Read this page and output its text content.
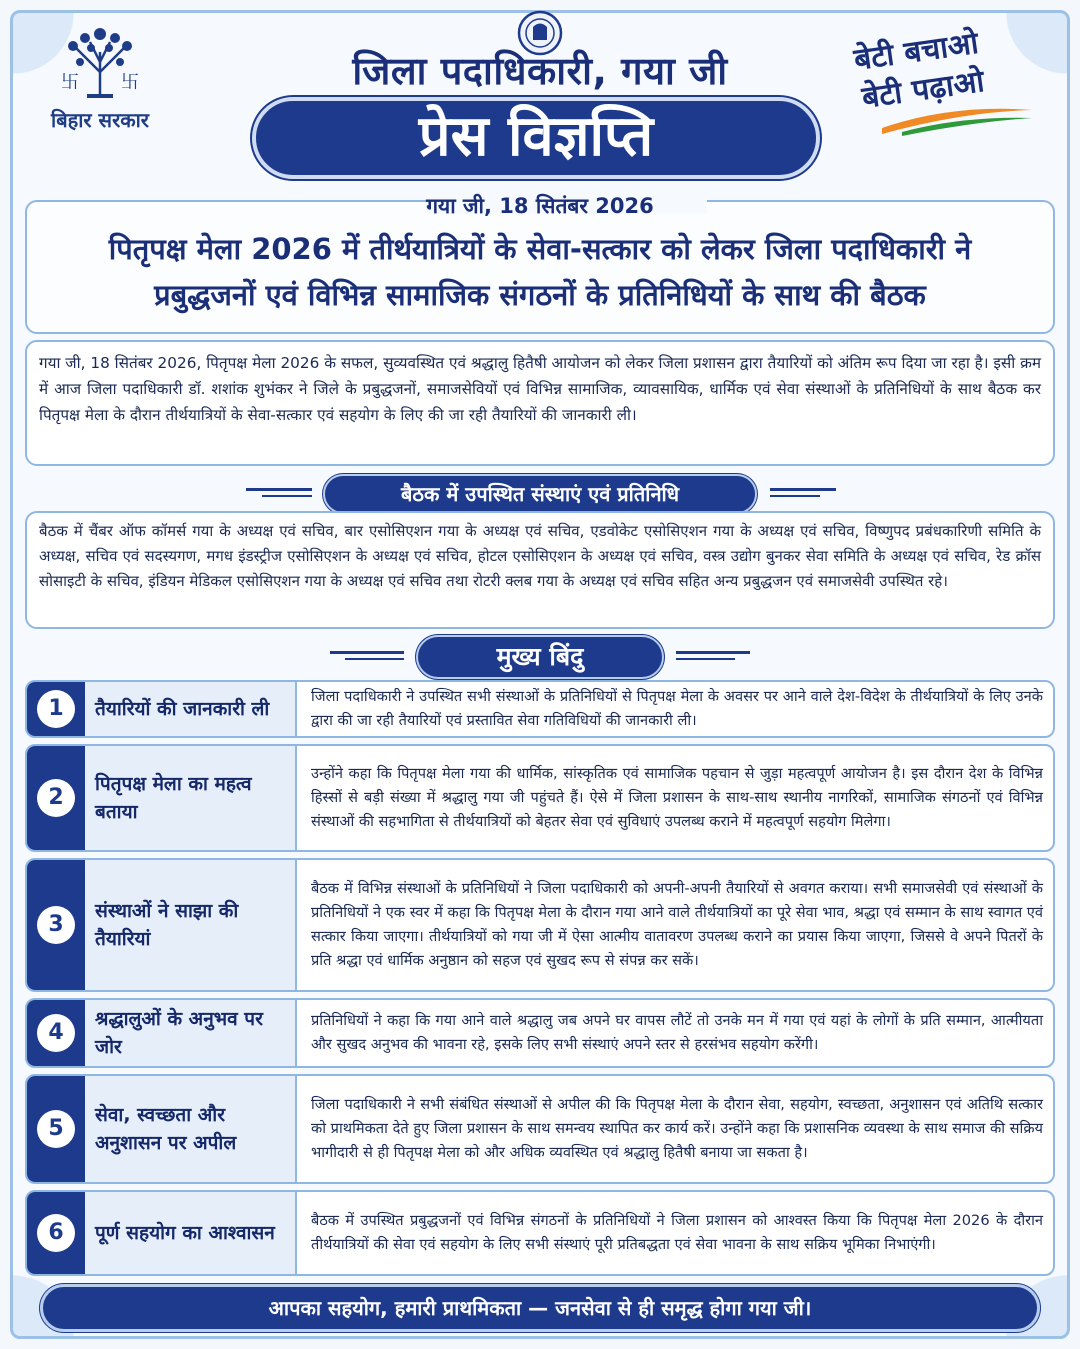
卐 卐
बिहार सरकार
जिला पदाधिकारी, गया जी
प्रेस विज्ञप्ति
बेटी बचाओ
बेटी पढ़ाओ
गया जी, 18 सितंबर 2026
पितृपक्ष मेला 2026 में तीर्थयात्रियों के सेवा-सत्कार को लेकर जिला पदाधिकारी ने
प्रबुद्धजनों एवं विभिन्न सामाजिक संगठनों के प्रतिनिधियों के साथ की बैठक
गया जी, 18 सितंबर 2026, पितृपक्ष मेला 2026 के सफल, सुव्यवस्थित एवं श्रद्धालु हितैषी आयोजन को लेकर जिला प्रशासन द्वारा तैयारियों को अंतिम रूप दिया जा रहा है। इसी क्रम में आज जिला पदाधिकारी डॉ. शशांक शुभंकर ने जिले के प्रबुद्धजनों, समाजसेवियों एवं विभिन्न सामाजिक, व्यावसायिक, धार्मिक एवं सेवा संस्थाओं के प्रतिनिधियों के साथ बैठक कर पितृपक्ष मेला के दौरान तीर्थयात्रियों के सेवा-सत्कार एवं सहयोग के लिए की जा रही तैयारियों की जानकारी ली।
बैठक में उपस्थित संस्थाएं एवं प्रतिनिधि
बैठक में चैंबर ऑफ कॉमर्स गया के अध्यक्ष एवं सचिव, बार एसोसिएशन गया के अध्यक्ष एवं सचिव, एडवोकेट एसोसिएशन गया के अध्यक्ष एवं सचिव, विष्णुपद प्रबंधकारिणी समिति के अध्यक्ष, सचिव एवं सदस्यगण, मगध इंडस्ट्रीज एसोसिएशन के अध्यक्ष एवं सचिव, होटल एसोसिएशन के अध्यक्ष एवं सचिव, वस्त्र उद्योग बुनकर सेवा समिति के अध्यक्ष एवं सचिव, रेड क्रॉस सोसाइटी के सचिव, इंडियन मेडिकल एसोसिएशन गया के अध्यक्ष एवं सचिव तथा रोटरी क्लब गया के अध्यक्ष एवं सचिव सहित अन्य प्रबुद्धजन एवं समाजसेवी उपस्थित रहे।
मुख्य बिंदु
1	तैयारियों की जानकारी ली
जिला पदाधिकारी ने उपस्थित सभी संस्थाओं के प्रतिनिधियों से पितृपक्ष मेला के अवसर पर आने वाले देश-विदेश के तीर्थयात्रियों के लिए उनके द्वारा की जा रही तैयारियों एवं प्रस्तावित सेवा गतिविधियों की जानकारी ली।
2
पितृपक्ष मेला का महत्व बताया
उन्होंने कहा कि पितृपक्ष मेला गया की धार्मिक, सांस्कृतिक एवं सामाजिक पहचान से जुड़ा महत्वपूर्ण आयोजन है। इस दौरान देश के विभिन्न हिस्सों से बड़ी संख्या में श्रद्धालु गया जी पहुंचते हैं। ऐसे में जिला प्रशासन के साथ-साथ स्थानीय नागरिकों, सामाजिक संगठनों एवं विभिन्न संस्थाओं की सहभागिता से तीर्थयात्रियों को बेहतर सेवा एवं सुविधाएं उपलब्ध कराने में महत्वपूर्ण सहयोग मिलेगा।
3
संस्थाओं ने साझा की तैयारियां
बैठक में विभिन्न संस्थाओं के प्रतिनिधियों ने जिला पदाधिकारी को अपनी-अपनी तैयारियों से अवगत कराया। सभी समाजसेवी एवं संस्थाओं के प्रतिनिधियों ने एक स्वर में कहा कि पितृपक्ष मेला के दौरान गया आने वाले तीर्थयात्रियों का पूरे सेवा भाव, श्रद्धा एवं सम्मान के साथ स्वागत एवं सत्कार किया जाएगा। तीर्थयात्रियों को गया जी में ऐसा आत्मीय वातावरण उपलब्ध कराने का प्रयास किया जाएगा, जिससे वे अपने पितरों के प्रति श्रद्धा एवं धार्मिक अनुष्ठान को सहज एवं सुखद रूप से संपन्न कर सकें।
4
श्रद्धालुओं के अनुभव पर जोर
प्रतिनिधियों ने कहा कि गया आने वाले श्रद्धालु जब अपने घर वापस लौटें तो उनके मन में गया एवं यहां के लोगों के प्रति सम्मान, आत्मीयता और सुखद अनुभव की भावना रहे, इसके लिए सभी संस्थाएं अपने स्तर से हरसंभव सहयोग करेंगी।
5
सेवा, स्वच्छता और अनुशासन पर अपील
जिला पदाधिकारी ने सभी संबंधित संस्थाओं से अपील की कि पितृपक्ष मेला के दौरान सेवा, सहयोग, स्वच्छता, अनुशासन एवं अतिथि सत्कार को प्राथमिकता देते हुए जिला प्रशासन के साथ समन्वय स्थापित कर कार्य करें। उन्होंने कहा कि प्रशासनिक व्यवस्था के साथ समाज की सक्रिय भागीदारी से ही पितृपक्ष मेला को और अधिक व्यवस्थित एवं श्रद्धालु हितैषी बनाया जा सकता है।
6	पूर्ण सहयोग का आश्वासन
बैठक में उपस्थित प्रबुद्धजनों एवं विभिन्न संगठनों के प्रतिनिधियों ने जिला प्रशासन को आश्वस्त किया कि पितृपक्ष मेला 2026 के दौरान तीर्थयात्रियों की सेवा एवं सहयोग के लिए सभी संस्थाएं पूरी प्रतिबद्धता एवं सेवा भावना के साथ सक्रिय भूमिका निभाएंगी।
आपका सहयोग, हमारी प्राथमिकता — जनसेवा से ही समृद्ध होगा गया जी।
